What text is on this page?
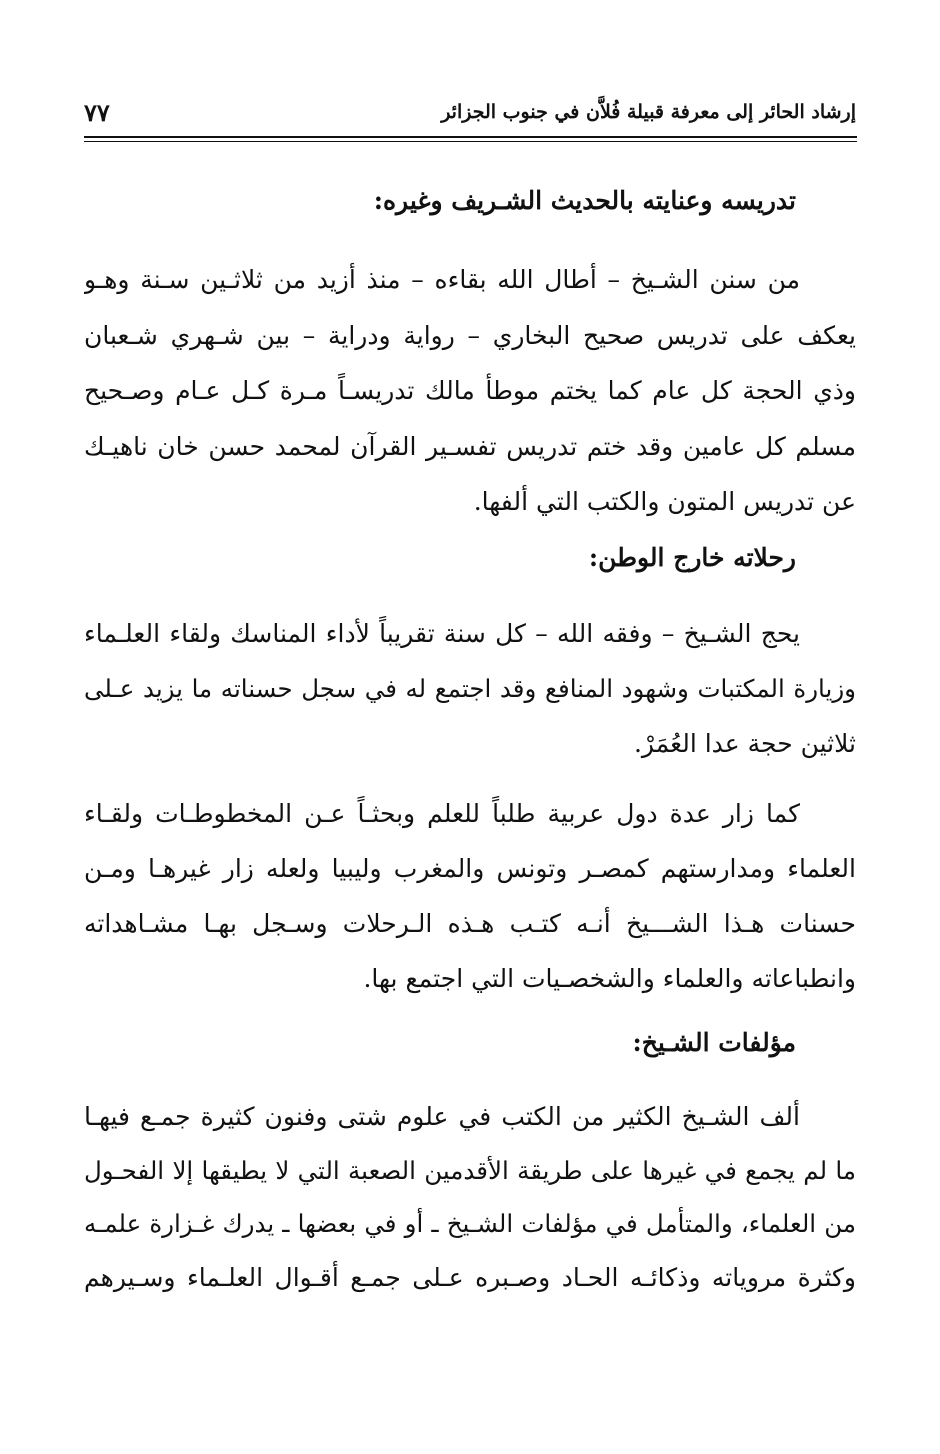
إرشاد الحائر إلى معرفة قبيلة فُلاَّن في جنوب الجزائر
٧٧
تدريسه وعنايته بالحديث الشـريف وغيره:
من سنن الشـيخ – أطال الله بقاءه – منذ أزيد من ثلاثـين سـنة وهـو
يعكف على تدريس صحيح البخاري – رواية ودراية – بين شـهري شـعبان
وذي الحجة كل عام كما يختم موطأ مالك تدريسـاً مـرة كـل عـام وصـحيح
مسلم كل عامين وقد ختم تدريس تفسـير القرآن لمحمد حسن خان ناهيـك
عن تدريس المتون والكتب التي ألفها.
رحلاته خارج الوطن:
يحج الشـيخ – وفقه الله – كل سنة تقريباً لأداء المناسك ولقاء العلـماء
وزيارة المكتبات وشهود المنافع وقد اجتمع له في سجل حسناته ما يزيد عـلى
ثلاثين حجة عدا العُمَرْ.
كما زار عدة دول عربية طلباً للعلم وبحثـاً عـن المخطوطـات ولقـاء
العلماء ومدارستهم كمصـر وتونس والمغرب وليبيا ولعله زار غيرهـا ومـن
حسنات هـذا الشـــيخ أنـه كتـب هـذه الـرحلات وسـجل بهـا مشـاهداته
وانطباعاته والعلماء والشخصـيات التي اجتمع بها.
مؤلفات الشـيخ:
ألف الشـيخ الكثير من الكتب في علوم شتى وفنون كثيرة جمـع فيهـا
ما لم يجمع في غيرها على طريقة الأقدمين الصعبة التي لا يطيقها إلا الفحـول
من العلماء، والمتأمل في مؤلفات الشـيخ ـ أو في بعضها ـ يدرك غـزارة علمـه
وكثرة مروياته وذكائـه الحـاد وصـبره عـلى جمـع أقـوال العلـماء وسـيرهم
